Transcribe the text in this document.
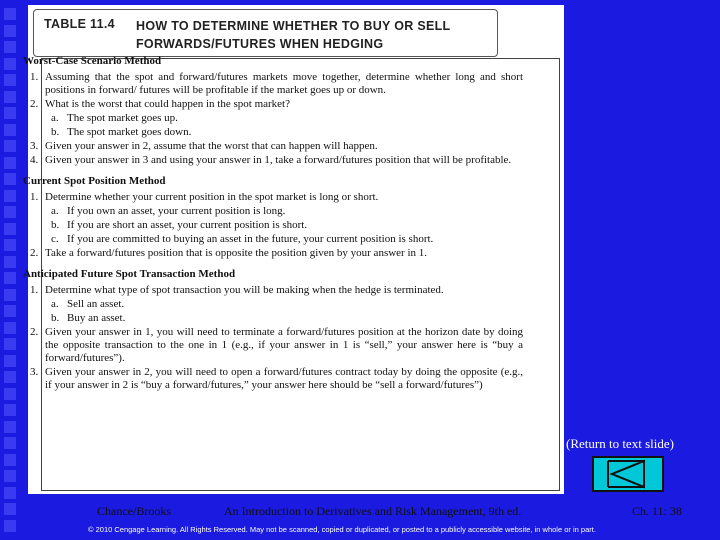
TABLE 11.4 HOW TO DETERMINE WHETHER TO BUY OR SELL FORWARDS/FUTURES WHEN HEDGING
Worst-Case Scenario Method
1. Assuming that the spot and forward/futures markets move together, determine whether long and short positions in forward/ futures will be profitable if the market goes up or down.
2. What is the worst that could happen in the spot market?
a. The spot market goes up.
b. The spot market goes down.
3. Given your answer in 2, assume that the worst that can happen will happen.
4. Given your answer in 3 and using your answer in 1, take a forward/futures position that will be profitable.
Current Spot Position Method
1. Determine whether your current position in the spot market is long or short.
a. If you own an asset, your current position is long.
b. If you are short an asset, your current position is short.
c. If you are committed to buying an asset in the future, your current position is short.
2. Take a forward/futures position that is opposite the position given by your answer in 1.
Anticipated Future Spot Transaction Method
1. Determine what type of spot transaction you will be making when the hedge is terminated.
a. Sell an asset.
b. Buy an asset.
2. Given your answer in 1, you will need to terminate a forward/futures position at the horizon date by doing the opposite transaction to the one in 1 (e.g., if your answer in 1 is “sell,” your answer here is “buy a forward/futures”).
3. Given your answer in 2, you will need to open a forward/futures contract today by doing the opposite (e.g., if your answer in 2 is “buy a forward/futures,” your answer here should be “sell a forward/futures”)
(Return to text slide)
Chance/Brooks	An Introduction to Derivatives and Risk Management, 9th ed.	Ch. 11: 38
© 2010 Cengage Learning. All Rights Reserved. May not be scanned, copied or duplicated, or posted to a publicly accessible website, in whole or in part.
